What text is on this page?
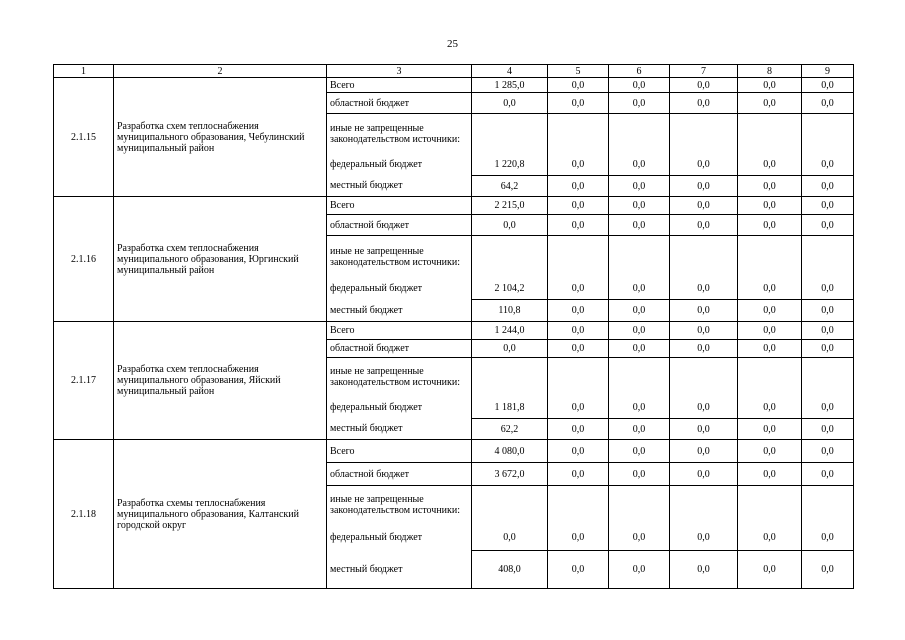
25
1	2	3	4	5	6	7	8	9
2.1.15	Разработка схем теплоснабжения муниципального образования, Чебулинский муниципальный район	Всего	1 285,0	0,0	0,0	0,0	0,0	0,0
		областной бюджет	0,0	0,0	0,0	0,0	0,0	0,0
		иные не запрещенные законодательством источники:						
		федеральный бюджет	1 220,8	0,0	0,0	0,0	0,0	0,0
		местный бюджет	64,2	0,0	0,0	0,0	0,0	0,0
2.1.16	Разработка схем теплоснабжения муниципального образования, Юргинский муниципальный район	Всего	2 215,0	0,0	0,0	0,0	0,0	0,0
		областной бюджет	0,0	0,0	0,0	0,0	0,0	0,0
		иные не запрещенные законодательством источники:						
		федеральный бюджет	2 104,2	0,0	0,0	0,0	0,0	0,0
		местный бюджет	110,8	0,0	0,0	0,0	0,0	0,0
2.1.17	Разработка схем теплоснабжения муниципального образования, Яйский муниципальный район	Всего	1 244,0	0,0	0,0	0,0	0,0	0,0
		областной бюджет	0,0	0,0	0,0	0,0	0,0	0,0
		иные не запрещенные законодательством источники:						
		федеральный бюджет	1 181,8	0,0	0,0	0,0	0,0	0,0
		местный бюджет	62,2	0,0	0,0	0,0	0,0	0,0
2.1.18	Разработка схемы теплоснабжения муниципального образования, Калтанский городской округ	Всего	4 080,0	0,0	0,0	0,0	0,0	0,0
		областной бюджет	3 672,0	0,0	0,0	0,0	0,0	0,0
		иные не запрещенные законодательством источники:						
		федеральный бюджет	0,0	0,0	0,0	0,0	0,0	0,0
		местный бюджет	408,0	0,0	0,0	0,0	0,0	0,0
